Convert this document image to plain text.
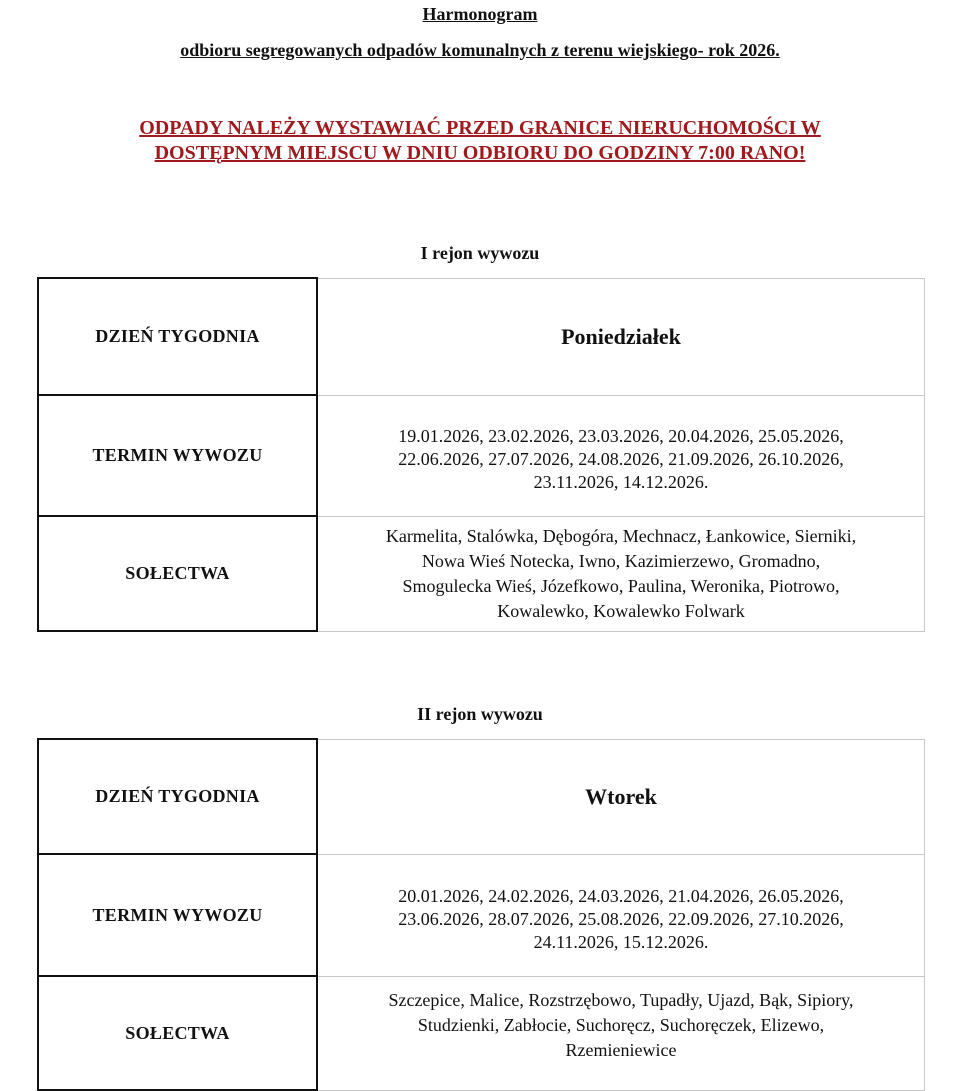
Harmonogram
odbioru segregowanych odpadów komunalnych z terenu wiejskiego- rok 2026.
ODPADY NALEŻY WYSTAWIAĆ PRZED GRANICE NIERUCHOMOŚCI W
DOSTĘPNYM MIEJSCU W DNIU ODBIORU DO GODZINY 7:00 RANO!
I rejon wywozu
DZIEŃ TYGODNIA	Poniedziałek
TERMIN WYWOZU	19.01.2026, 23.02.2026, 23.03.2026, 20.04.2026, 25.05.2026,
22.06.2026, 27.07.2026, 24.08.2026, 21.09.2026, 26.10.2026,
23.11.2026, 14.12.2026.

SOŁECTWA	Karmelita, Stalówka, Dębogóra, Mechnacz, Łankowice, Sierniki,
Nowa Wieś Notecka, Iwno, Kazimierzewo, Gromadno,
Smogulecka Wieś, Józefkowo, Paulina, Weronika, Piotrowo,
Kowalewko, Kowalewko Folwark
II rejon wywozu
DZIEŃ TYGODNIA	Wtorek
TERMIN WYWOZU	20.01.2026, 24.02.2026, 24.03.2026, 21.04.2026, 26.05.2026,
23.06.2026, 28.07.2026, 25.08.2026, 22.09.2026, 27.10.2026,
24.11.2026, 15.12.2026.

SOŁECTWA	Szczepice, Malice, Rozstrzębowo, Tupadły, Ujazd, Bąk, Sipiory,
Studzienki, Zabłocie, Suchoręcz, Suchoręczek, Elizewo,
Rzemieniewice
